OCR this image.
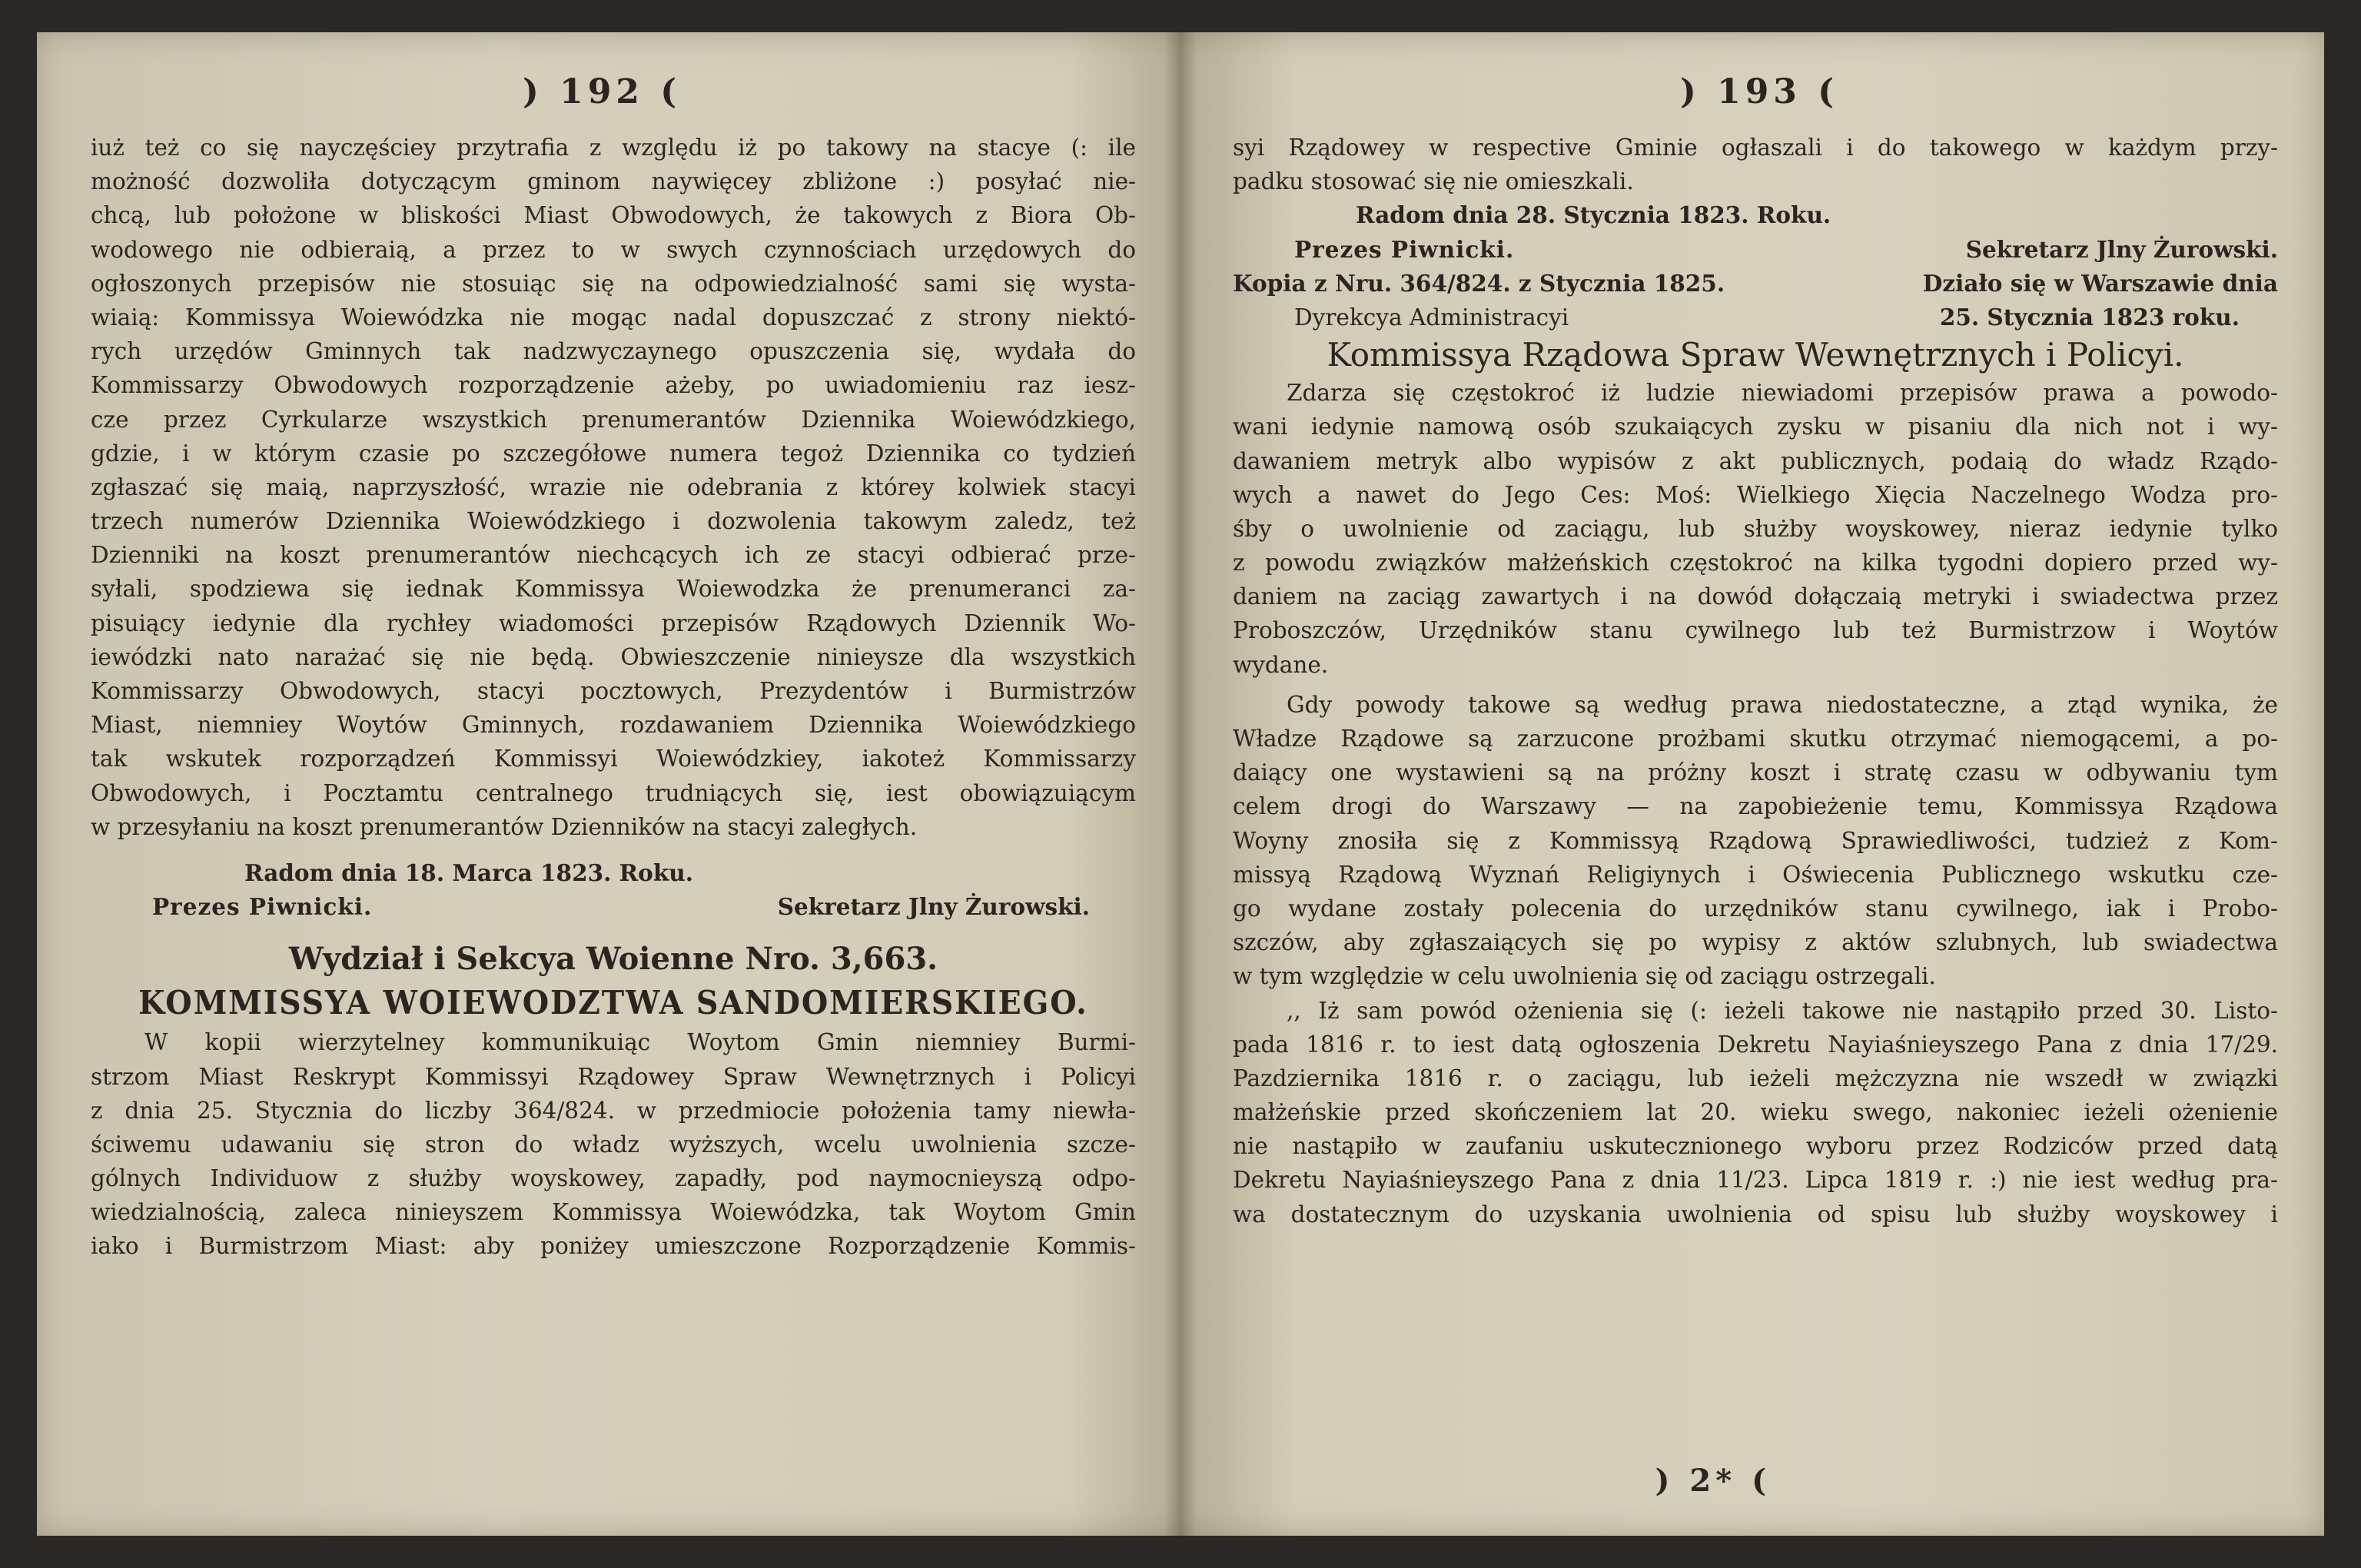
) 192 (
iuż też co się nayczęściey przytrafia z względu iż po takowy na stacye (: ile
możność dozwoliła dotyczącym gminom naywięcey zbliżone :) posyłać nie-
chcą, lub położone w bliskości Miast Obwodowych, że takowych z Biora Ob-
wodowego nie odbieraią, a przez to w swych czynnościach urzędowych do
ogłoszonych przepisów nie stosuiąc się na odpowiedzialność sami się wysta-
wiaią: Kommissya Woiewódzka nie mogąc nadal dopuszczać z strony niektó-
rych urzędów Gminnych tak nadzwyczaynego opuszczenia się, wydała do
Kommissarzy Obwodowych rozporządzenie ażeby, po uwiadomieniu raz iesz-
cze przez Cyrkularze wszystkich prenumerantów Dziennika Woiewódzkiego,
gdzie, i w którym czasie po szczegółowe numera tegoż Dziennika co tydzień
zgłaszać się maią, naprzyszłość, wrazie nie odebrania z którey kolwiek stacyi
trzech numerów Dziennika Woiewódzkiego i dozwolenia takowym zaledz, też
Dzienniki na koszt prenumerantów niechcących ich ze stacyi odbierać prze-
syłali, spodziewa się iednak Kommissya Woiewodzka że prenumeranci za-
pisuiący iedynie dla rychłey wiadomości przepisów Rządowych Dziennik Wo-
iewódzki nato narażać się nie będą. Obwieszczenie ninieysze dla wszystkich
Kommissarzy Obwodowych, stacyi pocztowych, Prezydentów i Burmistrzów
Miast, niemniey Woytów Gminnych, rozdawaniem Dziennika Woiewódzkiego
tak wskutek rozporządzeń Kommissyi Woiewódzkiey, iakoteż Kommissarzy
Obwodowych, i Pocztamtu centralnego trudniących się, iest obowiązuiącym
w przesyłaniu na koszt prenumerantów Dzienników na stacyi zaległych.
Radom dnia 18. Marca 1823. Roku.
Prezes Piwnicki.	Sekretarz Jlny Żurowski.
Wydział i Sekcya Woienne Nro. 3,663.
KOMMISSYA WOIEWODZTWA SANDOMIERSKIEGO.
W kopii wierzytelney kommunikuiąc Woytom Gmin niemniey Burmi-
strzom Miast Reskrypt Kommissyi Rządowey Spraw Wewnętrznych i Policyi
z dnia 25. Stycznia do liczby 364/824. w przedmiocie położenia tamy niewła-
ściwemu udawaniu się stron do władz wyższych, wcelu uwolnienia szcze-
gólnych Individuow z służby woyskowey, zapadły, pod naymocnieyszą odpo-
wiedzialnością, zaleca ninieyszem Kommissya Woiewódzka, tak Woytom Gmin
iako i Burmistrzom Miast: aby poniżey umieszczone Rozporządzenie Kommis-
) 193 (
syi Rządowey w respective Gminie ogłaszali i do takowego w każdym przy-
padku stosować się nie omieszkali.
Radom dnia 28. Stycznia 1823. Roku.
Prezes Piwnicki.	Sekretarz Jlny Żurowski.
Kopia z Nru. 364/824. z Stycznia 1825.	Działo się w Warszawie dnia
Dyrekcya Administracyi	25. Stycznia 1823 roku.
Kommissya Rządowa Spraw Wewnętrznych i Policyi.
Zdarza się częstokroć iż ludzie niewiadomi przepisów prawa a powodo-
wani iedynie namową osób szukaiących zysku w pisaniu dla nich not i wy-
dawaniem metryk albo wypisów z akt publicznych, podaią do władz Rządo-
wych a nawet do Jego Ces: Moś: Wielkiego Xięcia Naczelnego Wodza pro-
śby o uwolnienie od zaciągu, lub służby woyskowey, nieraz iedynie tylko
z powodu związków małżeńskich częstokroć na kilka tygodni dopiero przed wy-
daniem na zaciąg zawartych i na dowód dołączaią metryki i swiadectwa przez
Proboszczów, Urzędników stanu cywilnego lub też Burmistrzow i Woytów
wydane.
Gdy powody takowe są według prawa niedostateczne, a ztąd wynika, że
Władze Rządowe są zarzucone prożbami skutku otrzymać niemogącemi, a po-
daiący one wystawieni są na próżny koszt i stratę czasu w odbywaniu tym
celem drogi do Warszawy — na zapobieżenie temu, Kommissya Rządowa
Woyny znosiła się z Kommissyą Rządową Sprawiedliwości, tudzież z Kom-
missyą Rządową Wyznań Religiynych i Oświecenia Publicznego wskutku cze-
go wydane zostały polecenia do urzędników stanu cywilnego, iak i Probo-
szczów, aby zgłaszaiących się po wypisy z aktów szlubnych, lub swiadectwa
w tym względzie w celu uwolnienia się od zaciągu ostrzegali.
,, Iż sam powód ożenienia się (: ieżeli takowe nie nastąpiło przed 30. Listo-
pada 1816 r. to iest datą ogłoszenia Dekretu Nayiaśnieyszego Pana z dnia 17/29.
Pazdziernika 1816 r. o zaciągu, lub ieżeli mężczyzna nie wszedł w związki
małżeńskie przed skończeniem lat 20. wieku swego, nakoniec ieżeli ożenienie
nie nastąpiło w zaufaniu uskutecznionego wyboru przez Rodziców przed datą
Dekretu Nayiaśnieyszego Pana z dnia 11/23. Lipca 1819 r. :) nie iest według pra-
wa dostatecznym do uzyskania uwolnienia od spisu lub służby woyskowey i
) 2* (
